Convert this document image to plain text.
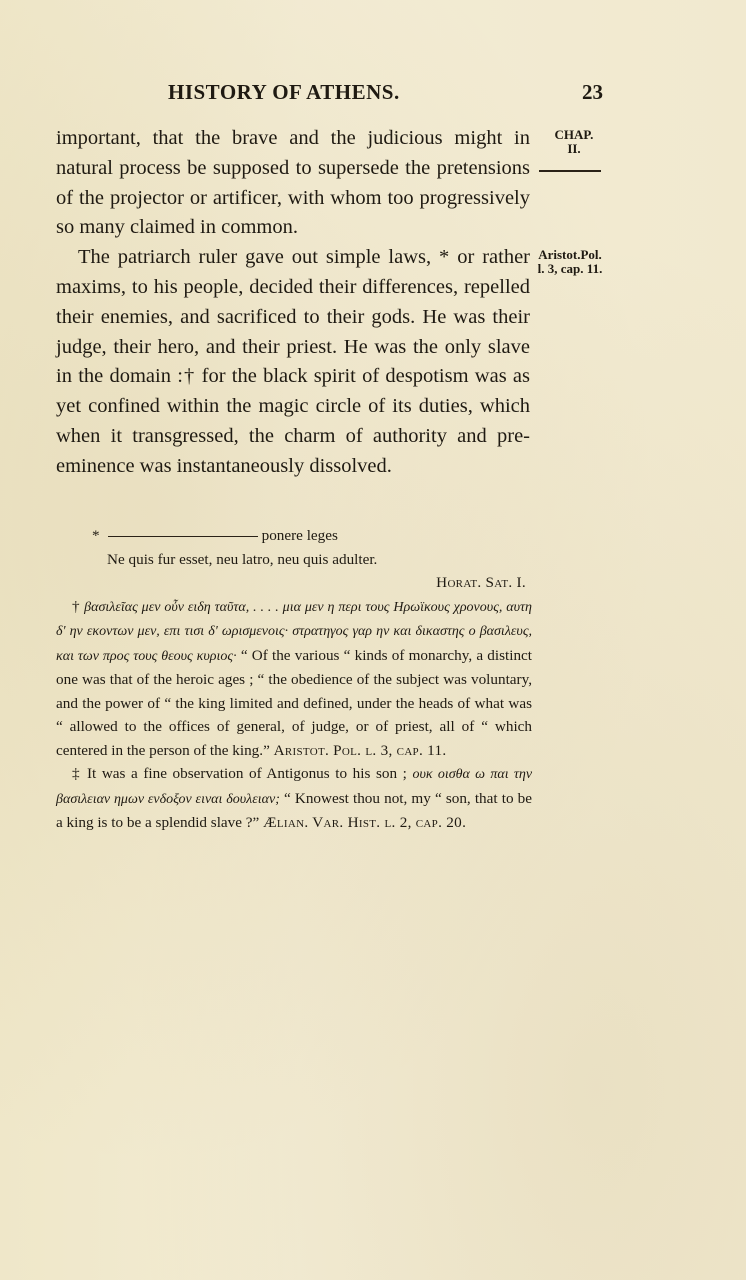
HISTORY OF ATHENS.	23
CHAP.
II.
Aristot.Pol.
l. 3, cap. 11.

important, that the brave and the judicious might in natural process be supposed to supersede the pretensions of the projector or artificer, with whom too progressively so many claimed in common.

The patriarch ruler gave out simple laws, * or rather maxims, to his people, decided their differences, repelled their enemies, and sacrificed to their gods. He was their judge, their hero, and their priest. He was the only slave in the domain :† for the black spirit of despotism was as yet confined within the magic circle of its duties, which when it transgressed, the charm of authority and pre-eminence was instantaneously dissolved.

*	ponere leges
Ne quis fur esset, neu latro, neu quis adulter.
Horat. Sat. I.

† βασιλεῖας μεν οὖν ειδη ταῦτα, . . . . μια μεν η περι τους Ηρωϊκους χρονους, αυτη δ' ην εκοντων μεν, επι τισι δ' ωρισμενοις· στρατηγος γαρ ην και δικαστης ο βασιλευς, και των προς τους θεους κυριος· “ Of the various “ kinds of monarchy, a distinct one was that of the heroic ages ; “ the obedience of the subject was voluntary, and the power of “ the king limited and defined, under the heads of what was “ allowed to the offices of general, of judge, or of priest, all of “ which centered in the person of the king.” Aristot. Pol. l. 3, cap. 11.

‡ It was a fine observation of Antigonus to his son ; ουκ οισθα ω παι την βασιλειαν ημων ενδοξον ειναι δουλειαν; “ Knowest thou not, my “ son, that to be a king is to be a splendid slave ?” Ælian. Var. Hist. l. 2, cap. 20.
